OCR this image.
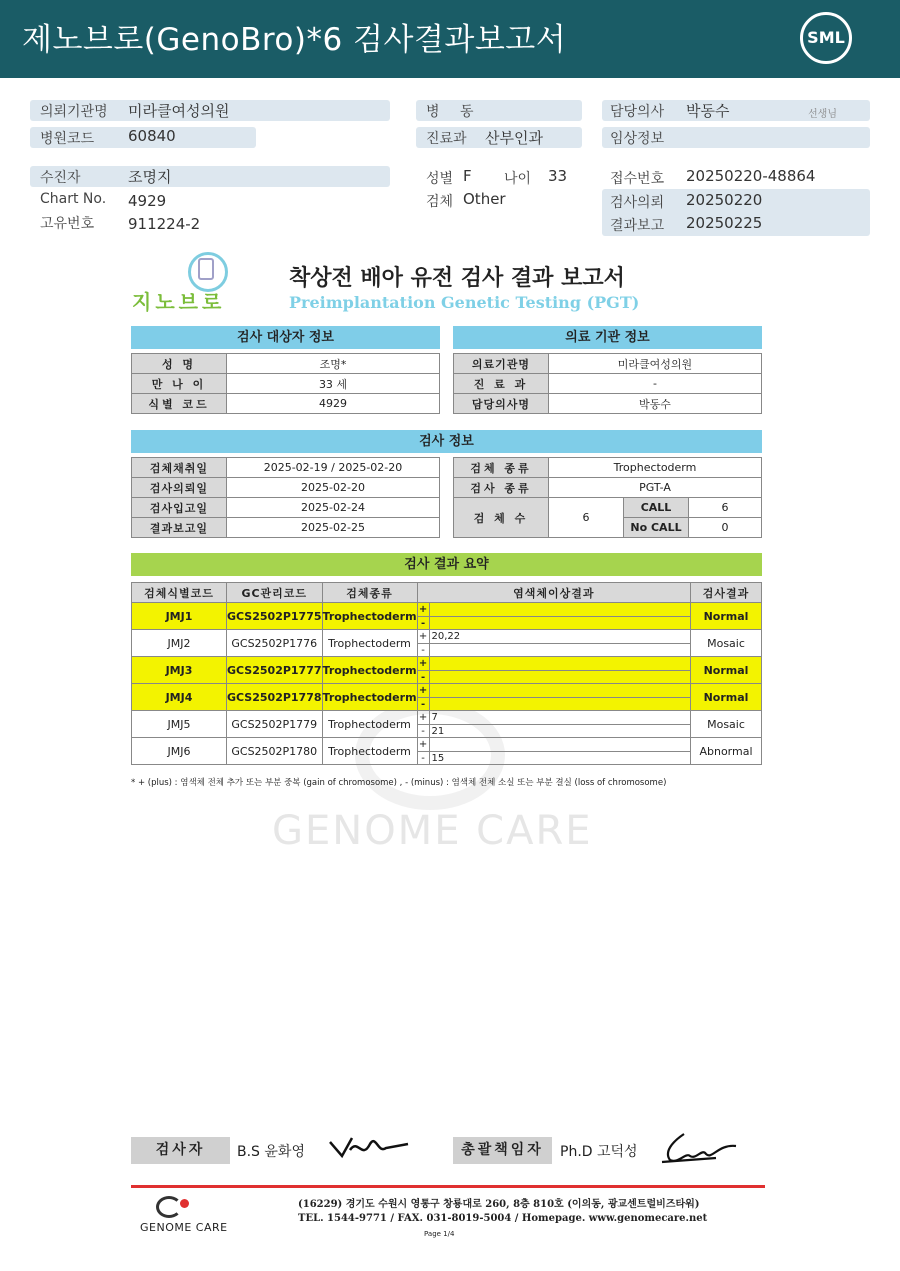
제노브로(GenoBro)*6 검사결과보고서	SML
의뢰기관명 미라클여성의원
병원코드 60840
병 동
진료과 산부인과
담당의사 박동수	선생님
임상정보
수진자	조명지
Chart No. 4929
고유번호 911224-2
성별 F 나이 33
검체 Other
접수번호 20250220-48864
검사의뢰 20250220
결과보고 20250225
지노브로
착상전 배아 유전 검사 결과 보고서
Preimplantation Genetic Testing (PGT)
검사 대상자 정보	의료 기관 정보
성 명	조명*
만 나 이	33 세
식별 코드	4929
의료기관명	미라클여성의원
진 료 과	-
담당의사명	박동수
검사 정보
검체채취일	2025-02-19 / 2025-02-20
검사의뢰일	2025-02-20
검사입고일	2025-02-24
결과보고일	2025-02-25
검체 종류	Trophectoderm		
검사 종류	PGT-A		
검 체 수	6	CALL	6
		No CALL	0
검사 결과 요약
검체식별코드	GC관리코드	검체종류	염색체이상결과	검사결과
JMJ1	GCS2502P1775	Trophectoderm	+
-	Normal
JMJ2	GCS2502P1776	Trophectoderm	+ 20,22
-	Mosaic
JMJ3	GCS2502P1777	Trophectoderm	+
-	Normal
JMJ4	GCS2502P1778	Trophectoderm	+
-	Normal
JMJ5	GCS2502P1779	Trophectoderm	+ 7
- 21	Mosaic
JMJ6	GCS2502P1780	Trophectoderm	+
- 15	Abnormal
* + (plus) : 염색체 전체 추가 또는 부분 중복 (gain of chromosome) , - (minus) : 염색체 전체 소실 또는 부분 결실 (loss of chromosome)
GENOME CARE
검사자	B.S 윤화영	총괄책임자	Ph.D 고덕성
GENOME CARE
(16229) 경기도 수원시 영통구 창룡대로 260, 8층 810호 (이의동, 광교센트럴비즈타워)
TEL. 1544-9771 / FAX. 031-8019-5004 / Homepage. www.genomecare.net
Page 1/4
